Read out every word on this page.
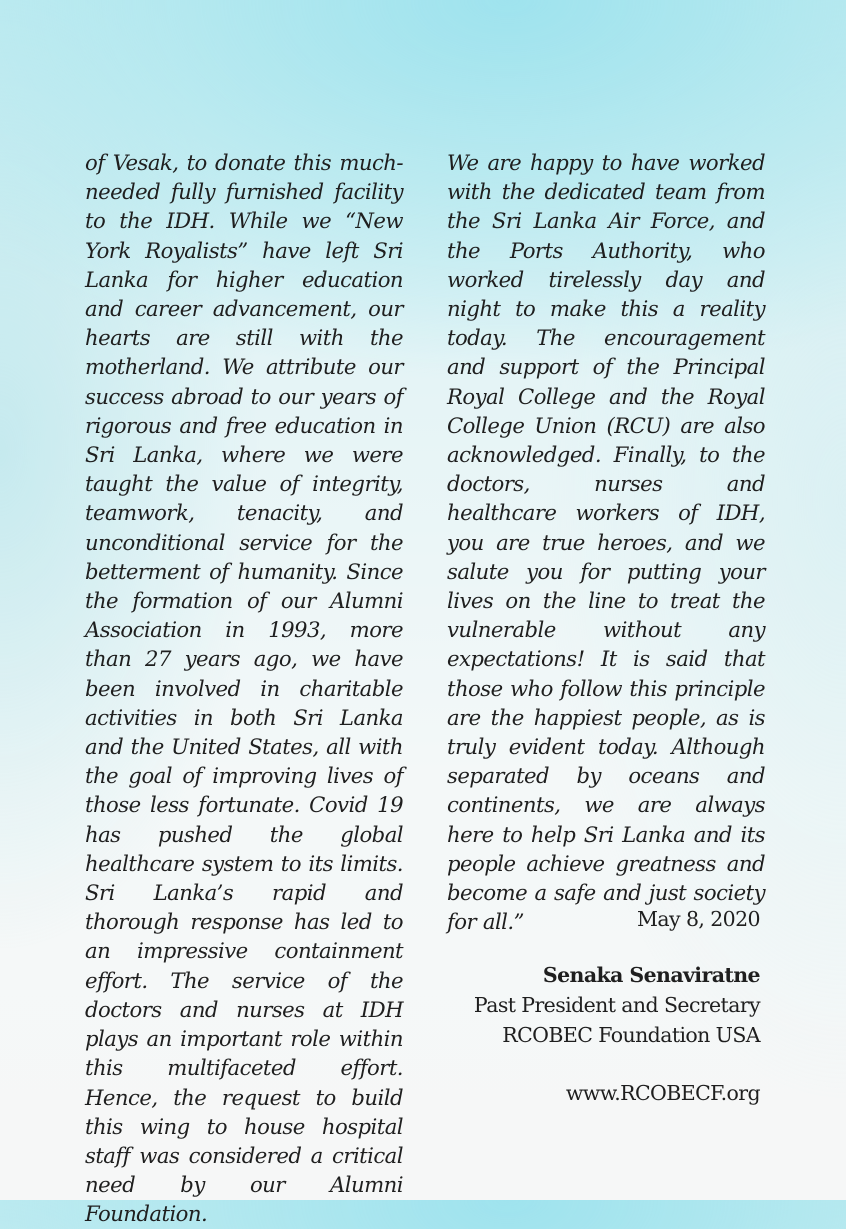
of Vesak, to donate this much-needed fully furnished facility to the IDH. While we “New York Royalists” have left Sri Lanka for higher education and career advancement, our hearts are still with the motherland. We attribute our success abroad to our years of rigorous and free education in Sri Lanka, where we were taught the value of integrity, teamwork, tenacity, and unconditional service for the betterment of humanity. Since the formation of our Alumni Association in 1993, more than 27 years ago, we have been involved in charitable activities in both Sri Lanka and the United States, all with the goal of improving lives of those less fortunate. Covid 19 has pushed the global healthcare system to its limits. Sri Lanka’s rapid and thorough response has led to an impressive containment effort. The service of the doctors and nurses at IDH plays an important role within this multifaceted effort. Hence, the request to build this wing to house hospital staff was considered a critical need by our Alumni Foundation.

We are happy to have worked with the dedicated team from the Sri Lanka Air Force, and the Ports Authority, who worked tirelessly day and night to make this a reality today. The encouragement and support of the Principal Royal College and the Royal College Union (RCU) are also acknowledged. Finally, to the doctors, nurses and healthcare workers of IDH, you are true heroes, and we salute you for putting your lives on the line to treat the vulnerable without any expectations! It is said that those who follow this principle are the happiest people, as is truly evident today. Although separated by oceans and continents, we are always here to help Sri Lanka and its people achieve greatness and become a safe and just society for all.”	May 8, 2020
Senaka Senaviratne
Past President and Secretary
RCOBEC Foundation USA
www.RCOBECF.org
